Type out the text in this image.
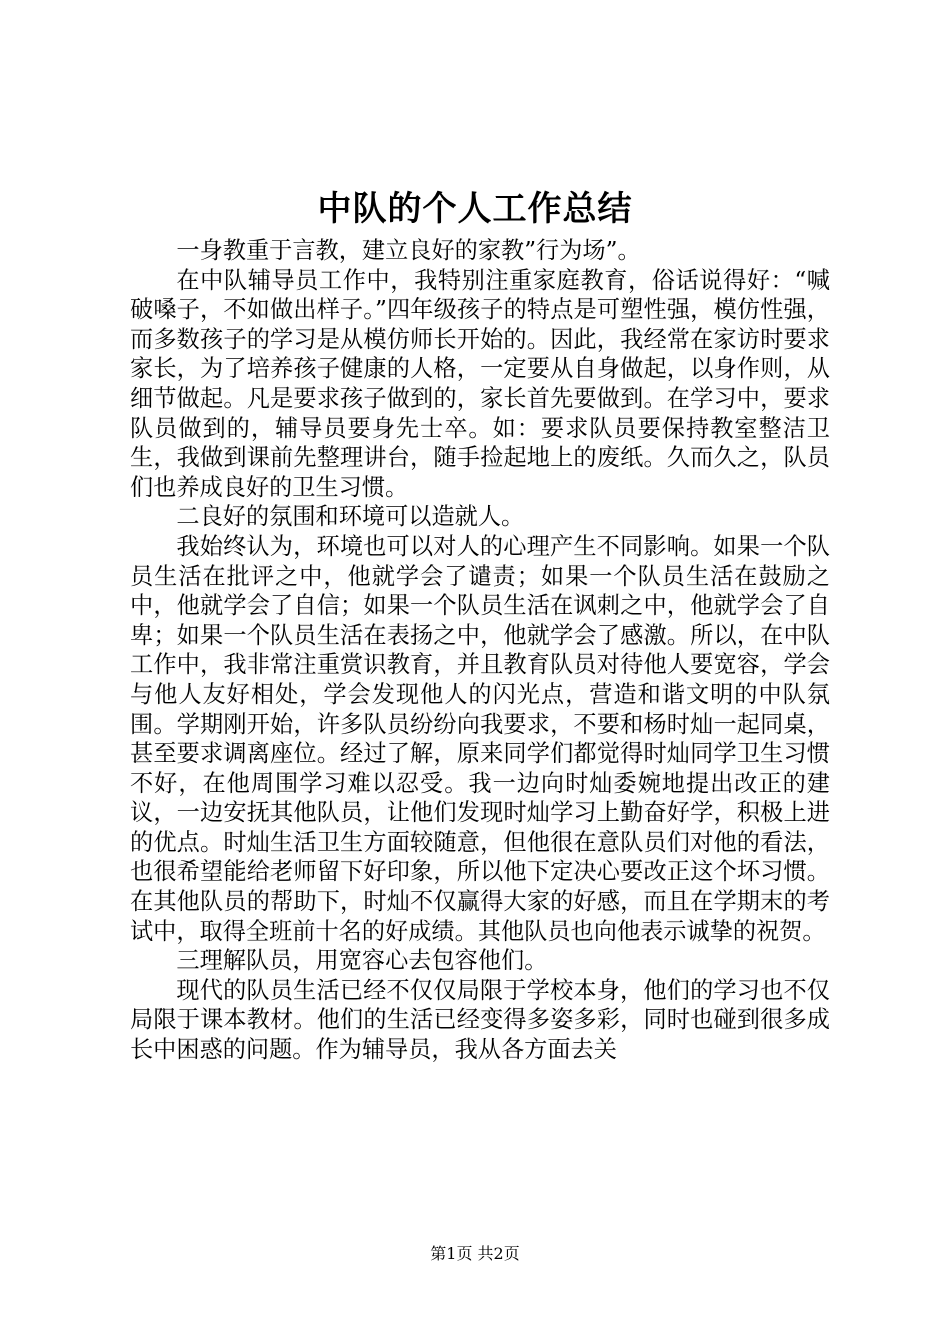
中队的个人工作总结

一身教重于言教，建立良好的家教”行为场”。

在中队辅导员工作中，我特别注重家庭教育，俗话说得好：“喊破嗓子，不如做出样子。”四年级孩子的特点是可塑性强，模仿性强，而多数孩子的学习是从模仿师长开始的。因此，我经常在家访时要求家长，为了培养孩子健康的人格，一定要从自身做起，以身作则，从细节做起。凡是要求孩子做到的，家长首先要做到。在学习中，要求队员做到的，辅导员要身先士卒。如：要求队员要保持教室整洁卫生，我做到课前先整理讲台，随手捡起地上的废纸。久而久之，队员们也养成良好的卫生习惯。

二良好的氛围和环境可以造就人。

我始终认为，环境也可以对人的心理产生不同影响。如果一个队员生活在批评之中，他就学会了谴责；如果一个队员生活在鼓励之中，他就学会了自信；如果一个队员生活在讽刺之中，他就学会了自卑；如果一个队员生活在表扬之中，他就学会了感激。所以，在中队工作中，我非常注重赏识教育，并且教育队员对待他人要宽容，学会与他人友好相处，学会发现他人的闪光点，营造和谐文明的中队氛围。学期刚开始，许多队员纷纷向我要求，不要和杨时灿一起同桌，甚至要求调离座位。经过了解，原来同学们都觉得时灿同学卫生习惯不好，在他周围学习难以忍受。我一边向时灿委婉地提出改正的建议，一边安抚其他队员，让他们发现时灿学习上勤奋好学，积极上进的优点。时灿生活卫生方面较随意，但他很在意队员们对他的看法，也很希望能给老师留下好印象，所以他下定决心要改正这个坏习惯。在其他队员的帮助下，时灿不仅赢得大家的好感，而且在学期末的考试中，取得全班前十名的好成绩。其他队员也向他表示诚挚的祝贺。

三理解队员，用宽容心去包容他们。

现代的队员生活已经不仅仅局限于学校本身，他们的学习也不仅局限于课本教材。他们的生活已经变得多姿多彩，同时也碰到很多成长中困惑的问题。作为辅导员，我从各方面去关

第1页 共2页
